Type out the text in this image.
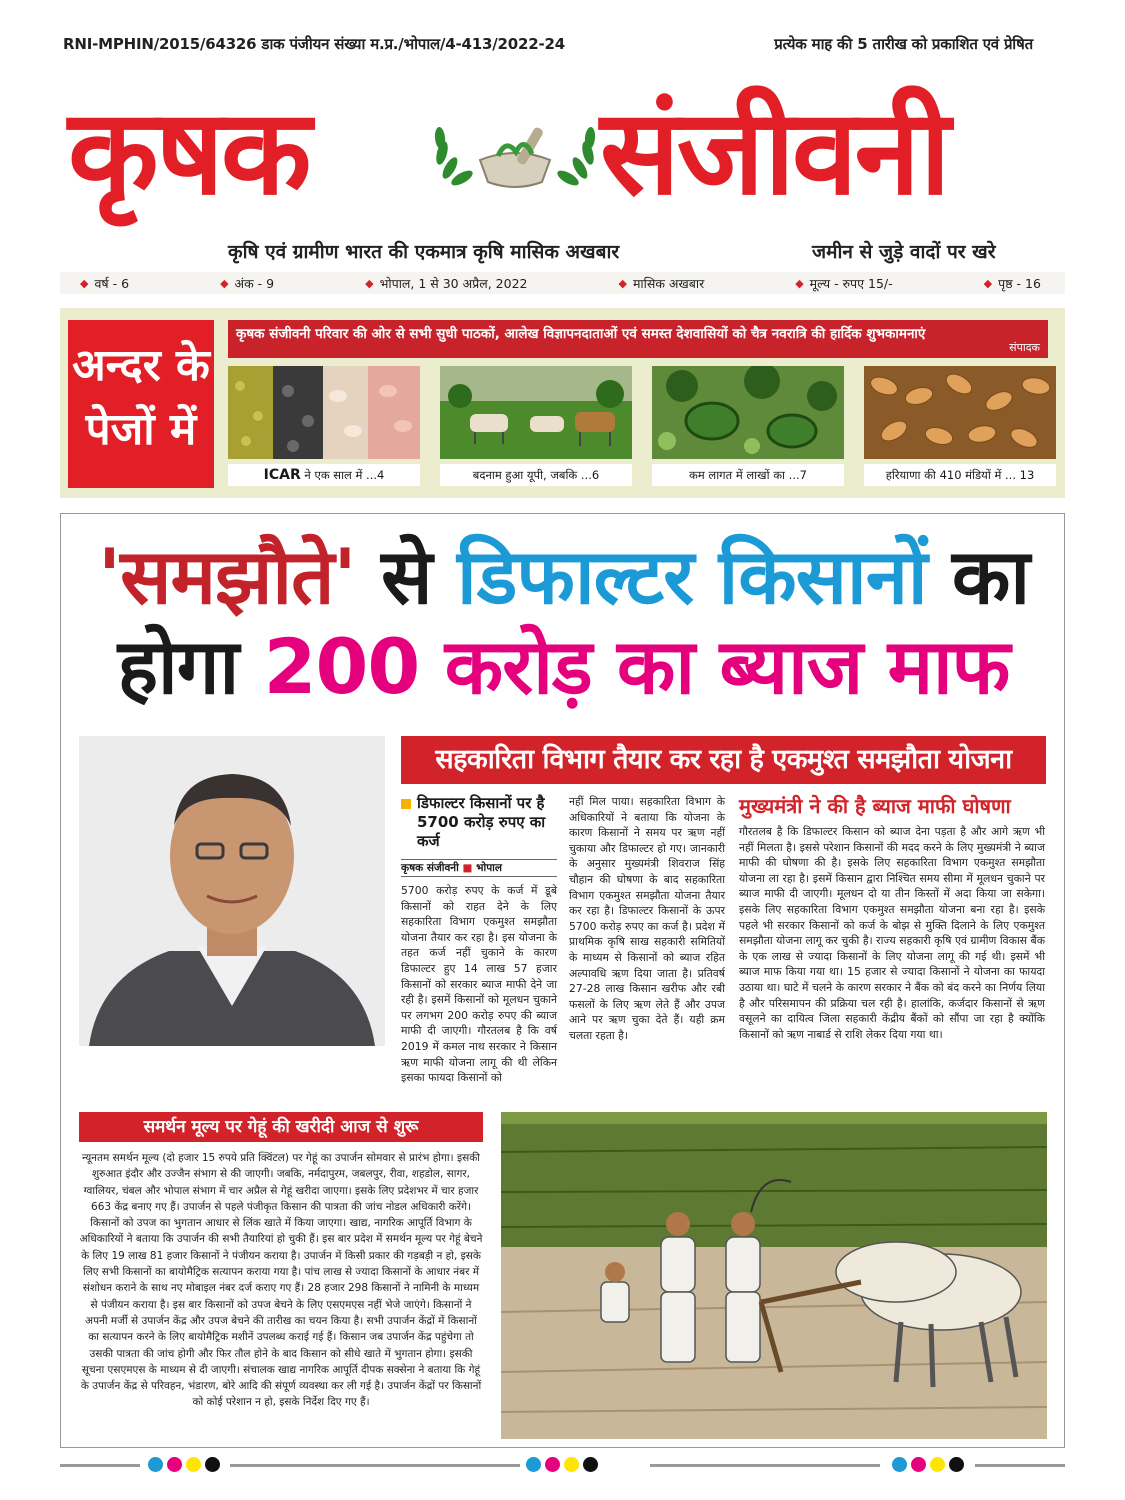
RNI-MPHIN/2015/64326 डाक पंजीयन संख्या म.प्र./भोपाल/4-413/2022-24	प्रत्येक माह की 5 तारीख को प्रकाशित एवं प्रेषित
कृषक संजीवनी
कृषि एवं ग्रामीण भारत की एकमात्र कृषि मासिक अखबार	जमीन से जुड़े वादों पर खरे
◆ वर्ष - 6	◆ अंक - 9	◆ भोपाल, 1 से 30 अप्रैल, 2022	◆ मासिक अखबार	◆ मूल्य - रुपए 15/-	◆ पृष्ठ - 16
अन्दर के
पेजों में
कृषक संजीवनी परिवार की ओर से सभी सुधी पाठकों, आलेख विज्ञापनदाताओं एवं समस्त देशवासियों को चैत्र नवरात्रि की हार्दिक शुभकामनाएं
संपादक
ICAR ने एक साल में ...4	बदनाम हुआ यूपी, जबकि ...6	कम लागत में लाखों का ...7	हरियाणा की 410 मंडियों में ... 13
'समझौते' से डिफाल्टर किसानों का
होगा 200 करोड़ का ब्याज माफ
सहकारिता विभाग तैयार कर रहा है एकमुश्त समझौता योजना
डिफाल्टर किसानों पर है 5700 करोड़ रुपए का कर्ज
कृषक संजीवनी ■ भोपाल
5700 करोड़ रुपए के कर्ज में डूबे किसानों को राहत देने के लिए सहकारिता विभाग एकमुश्त समझौता योजना तैयार कर रहा है। इस योजना के तहत कर्ज नहीं चुकाने के कारण डिफाल्टर हुए 14 लाख 57 हजार किसानों को सरकार ब्याज माफी देने जा रही है। इसमें किसानों को मूलधन चुकाने पर लगभग 200 करोड़ रुपए की ब्याज माफी दी जाएगी। गौरतलब है कि वर्ष 2019 में कमल नाथ सरकार ने किसान ऋण माफी योजना लागू की थी लेकिन इसका फायदा किसानों को
नहीं मिल पाया। सहकारिता विभाग के अधिकारियों ने बताया कि योजना के कारण किसानों ने समय पर ऋण नहीं चुकाया और डिफाल्टर हो गए। जानकारी के अनुसार मुख्यमंत्री शिवराज सिंह चौहान की घोषणा के बाद सहकारिता विभाग एकमुश्त समझौता योजना तैयार कर रहा है। डिफाल्टर किसानों के ऊपर 5700 करोड़ रुपए का कर्ज है। प्रदेश में प्राथमिक कृषि साख सहकारी समितियों के माध्यम से किसानों को ब्याज रहित अल्पावधि ऋण दिया जाता है। प्रतिवर्ष 27-28 लाख किसान खरीफ और रबी फसलों के लिए ऋण लेते हैं और उपज आने पर ऋण चुका देते हैं। यही क्रम चलता रहता है।
मुख्यमंत्री ने की है ब्याज माफी घोषणा
गौरतलब है कि डिफाल्टर किसान को ब्याज देना पड़ता है और आगे ऋण भी नहीं मिलता है। इससे परेशान किसानों की मदद करने के लिए मुख्यमंत्री ने ब्याज माफी की घोषणा की है। इसके लिए सहकारिता विभाग एकमुश्त समझौता योजना ला रहा है। इसमें किसान द्वारा निश्चित समय सीमा में मूलधन चुकाने पर ब्याज माफी दी जाएगी। मूलधन दो या तीन किस्तों में अदा किया जा सकेगा। इसके लिए सहकारिता विभाग एकमुश्त समझौता योजना बना रहा है। इसके पहले भी सरकार किसानों को कर्ज के बोझ से मुक्ति दिलाने के लिए एकमुश्त समझौता योजना लागू कर चुकी है। राज्य सहकारी कृषि एवं ग्रामीण विकास बैंक के एक लाख से ज्यादा किसानों के लिए योजना लागू की गई थी। इसमें भी ब्याज माफ किया गया था। 15 हजार से ज्यादा किसानों ने योजना का फायदा उठाया था। घाटे में चलने के कारण सरकार ने बैंक को बंद करने का निर्णय लिया है और परिसमापन की प्रक्रिया चल रही है। हालांकि, कर्जदार किसानों से ऋण वसूलने का दायित्व जिला सहकारी केंद्रीय बैंकों को सौंपा जा रहा है क्योंकि किसानों को ऋण नाबार्ड से राशि लेकर दिया गया था।
समर्थन मूल्य पर गेहूं की खरीदी आज से शुरू
न्यूनतम समर्थन मूल्य (दो हजार 15 रुपये प्रति क्विंटल) पर गेहूं का उपार्जन सोमवार से प्रारंभ होगा। इसकी शुरुआत इंदौर और उज्जैन संभाग से की जाएगी। जबकि, नर्मदापुरम, जबलपुर, रीवा, शहडोल, सागर, ग्वालियर, चंबल और भोपाल संभाग में चार अप्रैल से गेहूं खरीदा जाएगा। इसके लिए प्रदेशभर में चार हजार 663 केंद्र बनाए गए हैं। उपार्जन से पहले पंजीकृत किसान की पात्रता की जांच नोडल अधिकारी करेंगे। किसानों को उपज का भुगतान आधार से लिंक खाते में किया जाएगा। खाद्य, नागरिक आपूर्ति विभाग के अधिकारियों ने बताया कि उपार्जन की सभी तैयारियां हो चुकी हैं। इस बार प्रदेश में समर्थन मूल्य पर गेहूं बेचने के लिए 19 लाख 81 हजार किसानों ने पंजीयन कराया है। उपार्जन में किसी प्रकार की गड़बड़ी न हो, इसके लिए सभी किसानों का बायोमैट्रिक सत्यापन कराया गया है। पांच लाख से ज्यादा किसानों के आधार नंबर में संशोधन कराने के साथ नए मोबाइल नंबर दर्ज कराए गए हैं। 28 हजार 298 किसानों ने नामिनी के माध्यम से पंजीयन कराया है। इस बार किसानों को उपज बेचने के लिए एसएमएस नहीं भेजे जाएंगे। किसानों ने अपनी मर्जी से उपार्जन केंद्र और उपज बेचने की तारीख का चयन किया है। सभी उपार्जन केंद्रों में किसानों का सत्यापन करने के लिए बायोमैट्रिक मशीनें उपलब्ध कराई गई हैं। किसान जब उपार्जन केंद्र पहुंचेगा तो उसकी पात्रता की जांच होगी और फिर तौल होने के बाद किसान को सीधे खाते में भुगतान होगा। इसकी सूचना एसएमएस के माध्यम से दी जाएगी। संचालक खाद्य नागरिक आपूर्ति दीपक सक्सेना ने बताया कि गेहूं के उपार्जन केंद्र से परिवहन, भंडारण, बोरे आदि की संपूर्ण व्यवस्था कर ली गई है। उपार्जन केंद्रों पर किसानों को कोई परेशान न हो, इसके निर्देश दिए गए हैं।
